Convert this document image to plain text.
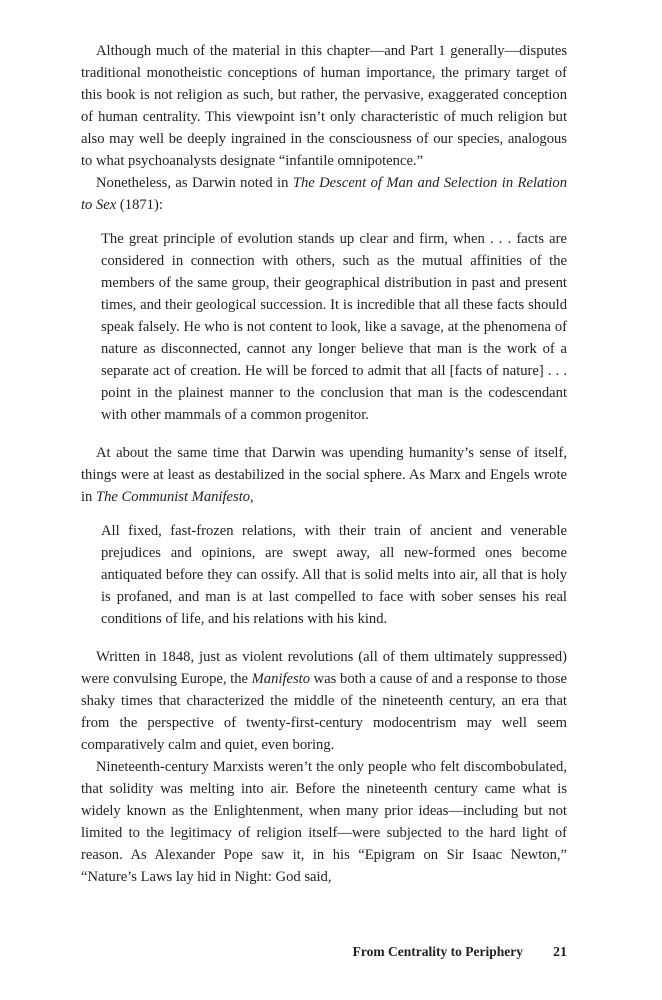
Although much of the material in this chapter—and Part 1 generally—disputes traditional monotheistic conceptions of human importance, the primary target of this book is not religion as such, but rather, the pervasive, exaggerated conception of human centrality. This viewpoint isn’t only characteristic of much religion but also may well be deeply ingrained in the consciousness of our species, analogous to what psychoanalysts designate “infantile omnipotence.”

Nonetheless, as Darwin noted in The Descent of Man and Selection in Relation to Sex (1871):

The great principle of evolution stands up clear and firm, when . . . facts are considered in connection with others, such as the mutual affinities of the members of the same group, their geographical distribution in past and present times, and their geological succession. It is incredible that all these facts should speak falsely. He who is not content to look, like a savage, at the phenomena of nature as disconnected, cannot any longer believe that man is the work of a separate act of creation. He will be forced to admit that all [facts of nature] . . . point in the plainest manner to the conclusion that man is the codescendant with other mammals of a common progenitor.

At about the same time that Darwin was upending humanity’s sense of itself, things were at least as destabilized in the social sphere. As Marx and Engels wrote in The Communist Manifesto,

All fixed, fast-frozen relations, with their train of ancient and venerable prejudices and opinions, are swept away, all new-formed ones become antiquated before they can ossify. All that is solid melts into air, all that is holy is profaned, and man is at last compelled to face with sober senses his real conditions of life, and his relations with his kind.

Written in 1848, just as violent revolutions (all of them ultimately suppressed) were convulsing Europe, the Manifesto was both a cause of and a response to those shaky times that characterized the middle of the nineteenth century, an era that from the perspective of twenty-first-century modocentrism may well seem comparatively calm and quiet, even boring.

Nineteenth-century Marxists weren’t the only people who felt discombobulated, that solidity was melting into air. Before the nineteenth century came what is widely known as the Enlightenment, when many prior ideas—including but not limited to the legitimacy of religion itself—were subjected to the hard light of reason. As Alexander Pope saw it, in his “Epigram on Sir Isaac Newton,” “Nature’s Laws lay hid in Night: God said,

From Centrality to Periphery 21
